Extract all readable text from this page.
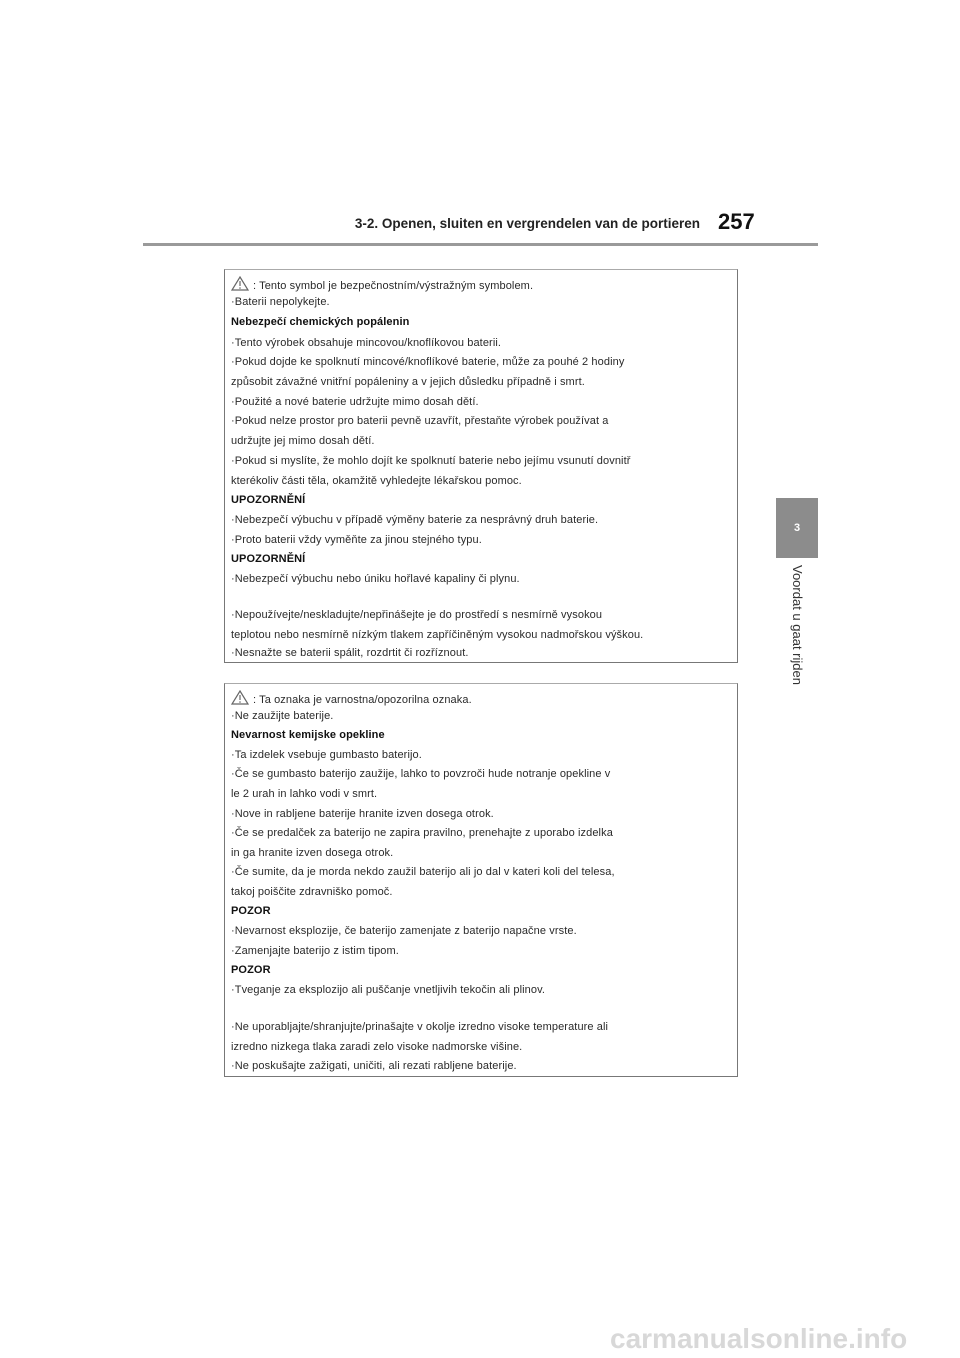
3-2. Openen, sluiten en vergrendelen van de portieren 257
3
Voordat u gaat rijden
: Tento symbol je bezpečnostním/výstražným symbolem.
·Baterii nepolykejte.
Nebezpečí chemických popálenin
·Tento výrobek obsahuje mincovou/knoflíkovou baterii.
·Pokud dojde ke spolknutí mincové/knoflíkové baterie, může za pouhé 2 hodiny
způsobit závažné vnitřní popáleniny a v jejich důsledku případně i smrt.
·Použité a nové baterie udržujte mimo dosah dětí.
·Pokud nelze prostor pro baterii pevně uzavřít, přestaňte výrobek používat a
udržujte jej mimo dosah dětí.
·Pokud si myslíte, že mohlo dojít ke spolknutí baterie nebo jejímu vsunutí dovnitř
kterékoliv části těla, okamžitě vyhledejte lékařskou pomoc.
UPOZORNĚNÍ
·Nebezpečí výbuchu v případě výměny baterie za nesprávný druh baterie.
·Proto baterii vždy vyměňte za jinou stejného typu.
UPOZORNĚNÍ
·Nebezpečí výbuchu nebo úniku hořlavé kapaliny či plynu.
·Nepoužívejte/neskladujte/nepřinášejte je do prostředí s nesmírně vysokou
teplotou nebo nesmírně nízkým tlakem zapříčiněným vysokou nadmořskou výškou.
·Nesnažte se baterii spálit, rozdrtit či rozříznout.
: Ta oznaka je varnostna/opozorilna oznaka.
·Ne zaužijte baterije.
Nevarnost kemijske opekline
·Ta izdelek vsebuje gumbasto baterijo.
·Če se gumbasto baterijo zaužije, lahko to povzroči hude notranje opekline v
le 2 urah in lahko vodi v smrt.
·Nove in rabljene baterije hranite izven dosega otrok.
·Če se predalček za baterijo ne zapira pravilno, prenehajte z uporabo izdelka
in ga hranite izven dosega otrok.
·Če sumite, da je morda nekdo zaužil baterijo ali jo dal v kateri koli del telesa,
takoj poiščite zdravniško pomoč.
POZOR
·Nevarnost eksplozije, če baterijo zamenjate z baterijo napačne vrste.
·Zamenjajte baterijo z istim tipom.
POZOR
·Tveganje za eksplozijo ali puščanje vnetljivih tekočin ali plinov.
·Ne uporabljajte/shranjujte/prinašajte v okolje izredno visoke temperature ali
izredno nizkega tlaka zaradi zelo visoke nadmorske višine.
·Ne poskušajte zažigati, uničiti, ali rezati rabljene baterije.
carmanualsonline.info
